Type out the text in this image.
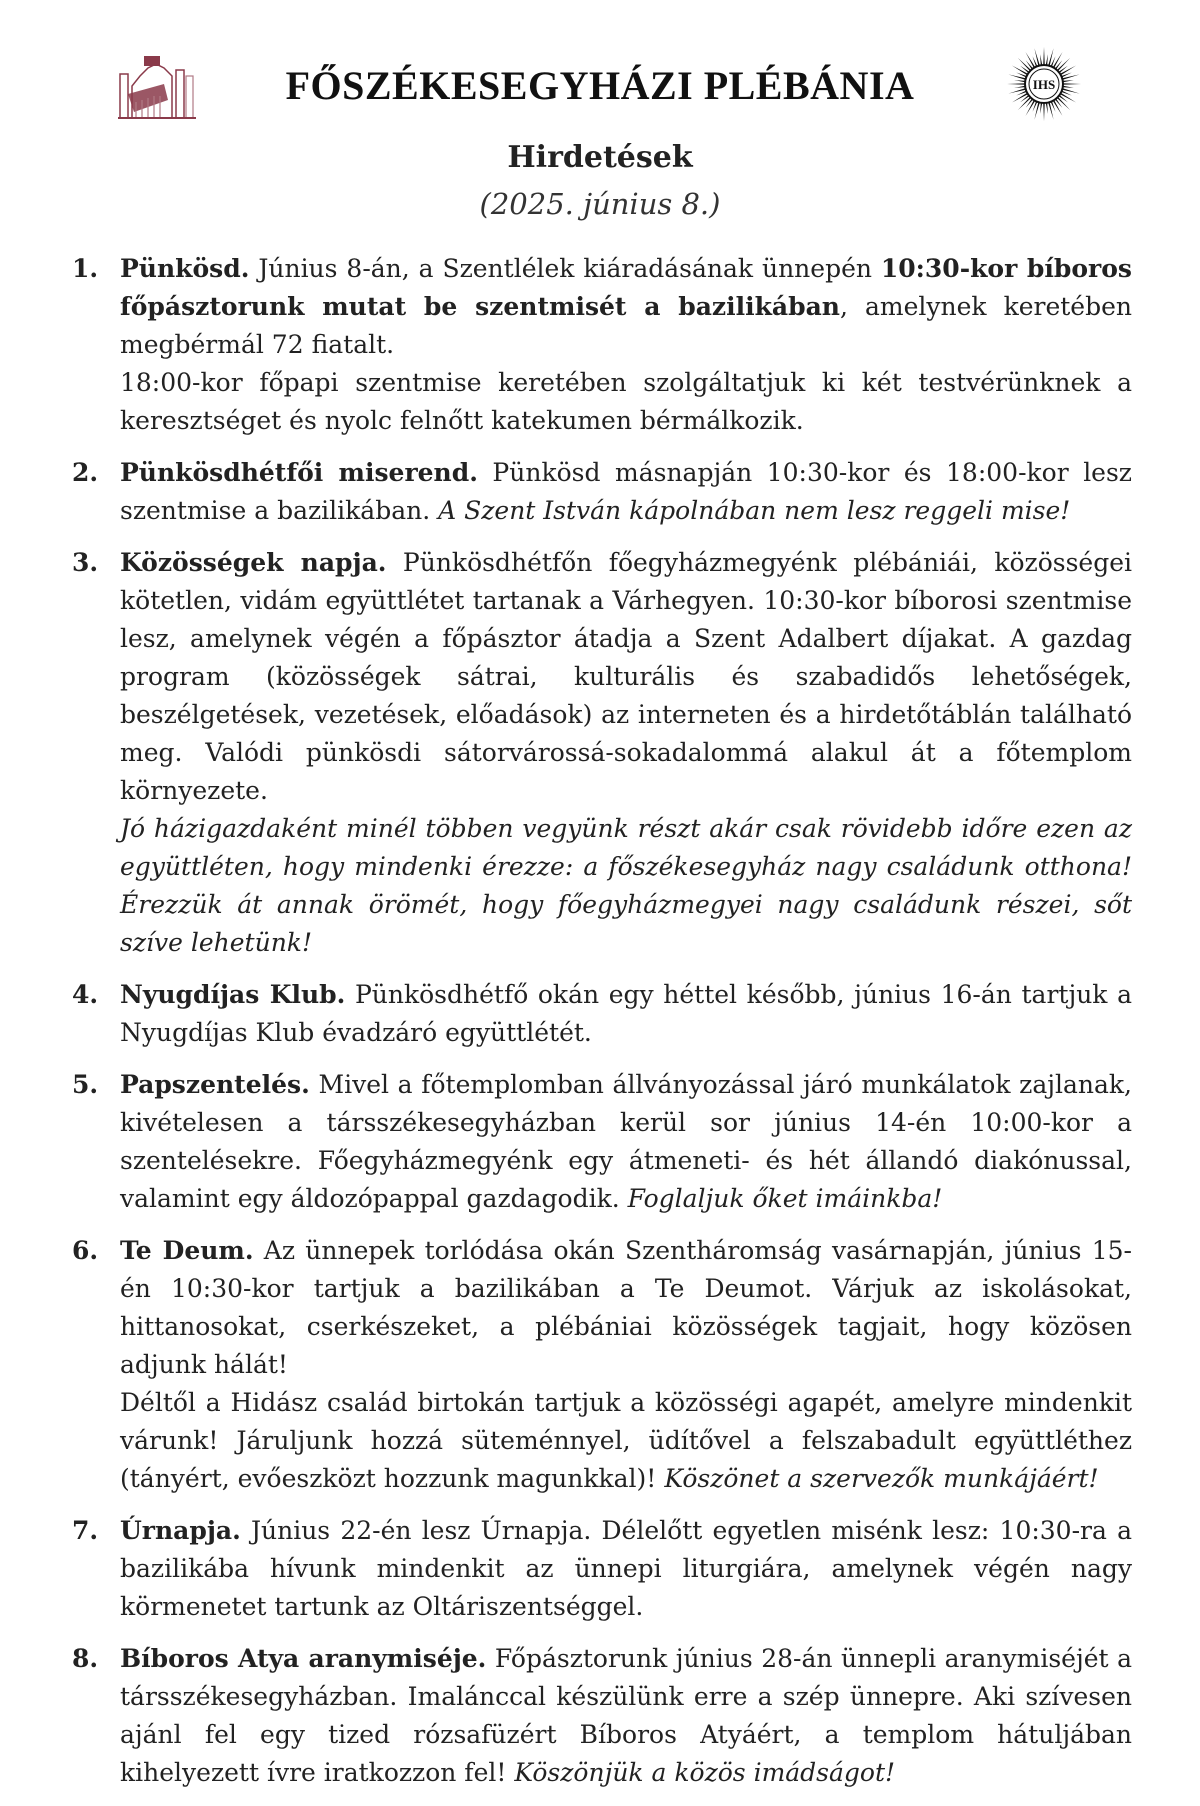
FŐSZÉKESEGYHÁZI PLÉBÁNIA	IHS
Hirdetések
(2025. június 8.)
1. Pünkösd. Június 8-án, a Szentlélek kiáradásának ünnepén 10:30-kor bíboros főpásztorunk mutat be szentmisét a bazilikában, amelynek keretében megbérmál 72 fiatalt.
18:00-kor főpapi szentmise keretében szolgáltatjuk ki két testvérünknek a keresztséget és nyolc felnőtt katekumen bérmálkozik.
2. Pünkösdhétfői miserend. Pünkösd másnapján 10:30-kor és 18:00-kor lesz szentmise a bazilikában. A Szent István kápolnában nem lesz reggeli mise!
3. Közösségek napja. Pünkösdhétfőn főegyházmegyénk plébániái, közösségei kötetlen, vidám együttlétet tartanak a Várhegyen. 10:30-kor bíborosi szentmise lesz, amelynek végén a főpásztor átadja a Szent Adalbert díjakat. A gazdag program (közösségek sátrai, kulturális és szabadidős lehetőségek, beszélgetések, vezetések, előadások) az interneten és a hirdetőtáblán található meg. Valódi pünkösdi sátorvárossá-sokadalommá alakul át a főtemplom környezete.
Jó házigazdaként minél többen vegyünk részt akár csak rövidebb időre ezen az együttléten, hogy mindenki érezze: a főszékesegyház nagy családunk otthona! Érezzük át annak örömét, hogy főegyházmegyei nagy családunk részei, sőt szíve lehetünk!
4. Nyugdíjas Klub. Pünkösdhétfő okán egy héttel később, június 16-án tartjuk a Nyugdíjas Klub évadzáró együttlétét.
5. Papszentelés. Mivel a főtemplomban állványozással járó munkálatok zajlanak, kivételesen a társszékesegyházban kerül sor június 14-én 10:00-kor a szentelésekre. Főegyházmegyénk egy átmeneti- és hét állandó diakónussal, valamint egy áldozópappal gazdagodik. Foglaljuk őket imáinkba!
6. Te Deum. Az ünnepek torlódása okán Szentháromság vasárnapján, június 15-én 10:30-kor tartjuk a bazilikában a Te Deumot. Várjuk az iskolásokat, hittanosokat, cserkészeket, a plébániai közösségek tagjait, hogy közösen adjunk hálát!
Déltől a Hidász család birtokán tartjuk a közösségi agapét, amelyre mindenkit várunk! Járuljunk hozzá süteménnyel, üdítővel a felszabadult együttléthez (tányért, evőeszközt hozzunk magunkkal)! Köszönet a szervezők munkájáért!
7. Úrnapja. Június 22-én lesz Úrnapja. Délelőtt egyetlen misénk lesz: 10:30-ra a bazilikába hívunk mindenkit az ünnepi liturgiára, amelynek végén nagy körmenetet tartunk az Oltáriszentséggel.
8. Bíboros Atya aranymiséje. Főpásztorunk június 28-án ünnepli aranymiséjét a társszékesegyházban. Imalánccal készülünk erre a szép ünnepre. Aki szívesen ajánl fel egy tized rózsafüzért Bíboros Atyáért, a templom hátuljában kihelyezett ívre iratkozzon fel! Köszönjük a közös imádságot!
